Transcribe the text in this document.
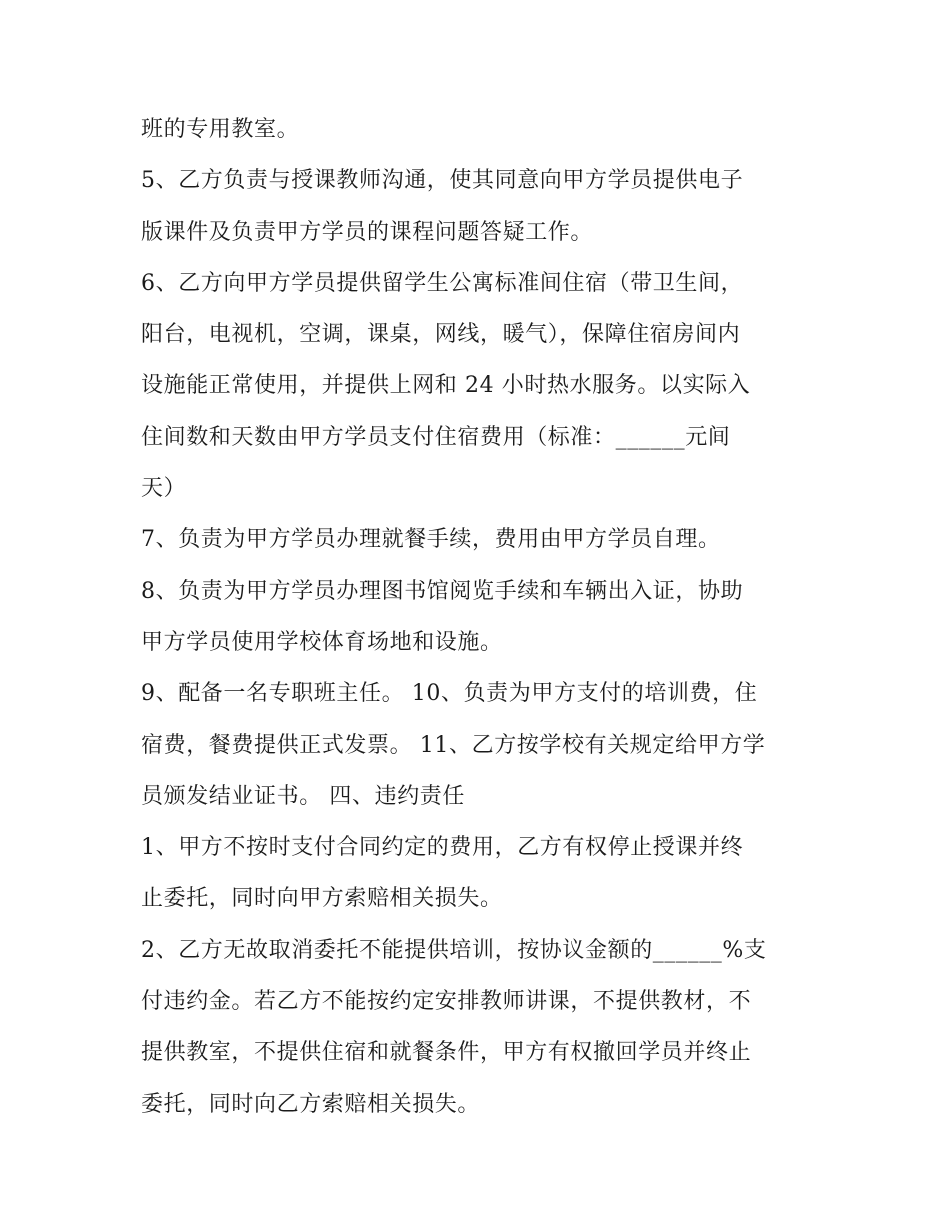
班的专用教室。

5、乙方负责与授课教师沟通，使其同意向甲方学员提供电子

版课件及负责甲方学员的课程问题答疑工作。

6、乙方向甲方学员提供留学生公寓标准间住宿（带卫生间，

阳台，电视机，空调，课桌，网线，暖气），保障住宿房间内

设施能正常使用，并提供上网和 24 小时热水服务。以实际入

住间数和天数由甲方学员支付住宿费用（标准：______元间

天）

7、负责为甲方学员办理就餐手续，费用由甲方学员自理。

8、负责为甲方学员办理图书馆阅览手续和车辆出入证，协助

甲方学员使用学校体育场地和设施。

9、配备一名专职班主任。 10、负责为甲方支付的培训费，住

宿费，餐费提供正式发票。 11、乙方按学校有关规定给甲方学

员颁发结业证书。 四、违约责任

1、甲方不按时支付合同约定的费用，乙方有权停止授课并终

止委托，同时向甲方索赔相关损失。

2、乙方无故取消委托不能提供培训，按协议金额的______%支

付违约金。若乙方不能按约定安排教师讲课，不提供教材，不

提供教室，不提供住宿和就餐条件，甲方有权撤回学员并终止

委托，同时向乙方索赔相关损失。
